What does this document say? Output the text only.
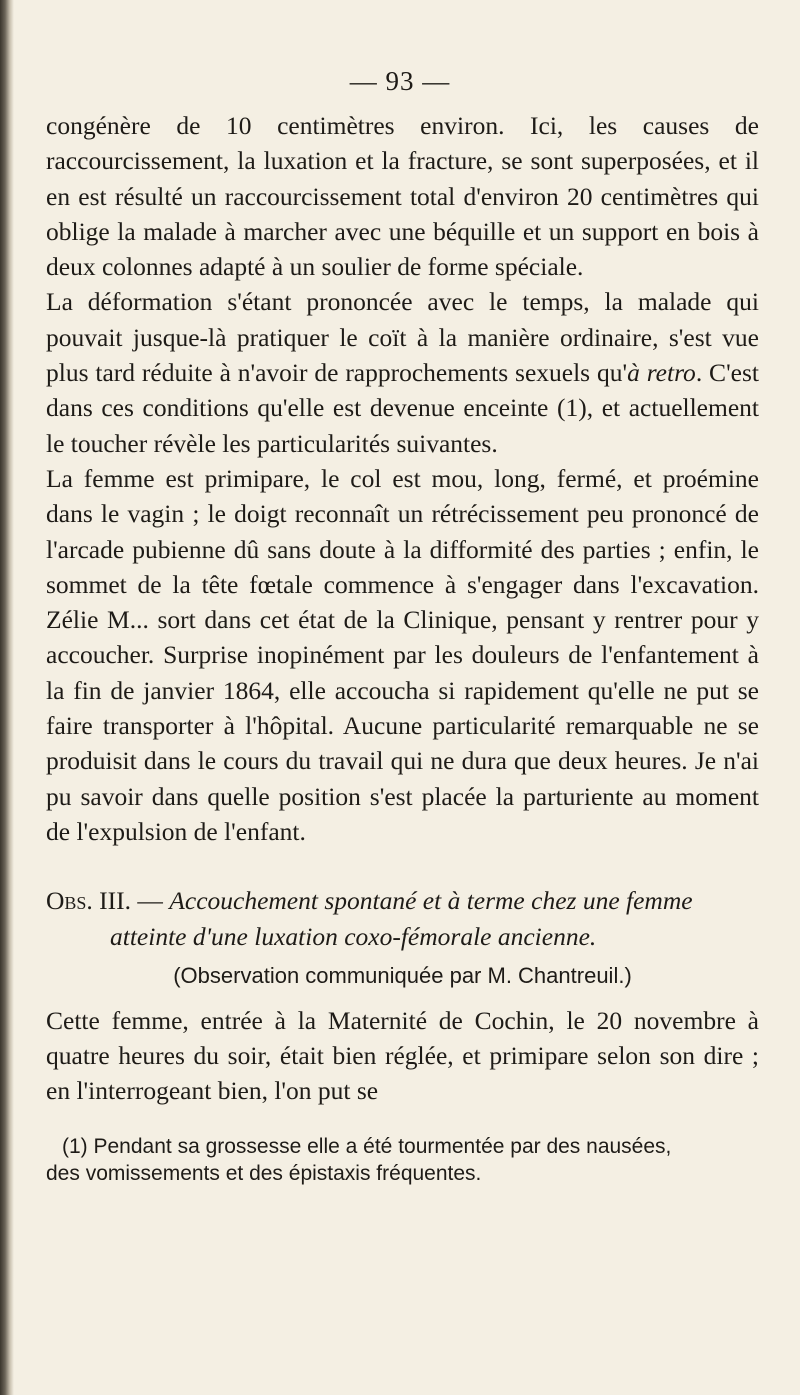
— 93 —

congénère de 10 centimètres environ. Ici, les causes de raccourcissement, la luxation et la fracture, se sont superposées, et il en est résulté un raccourcissement total d'environ 20 centimètres qui oblige la malade à marcher avec une béquille et un support en bois à deux colonnes adapté à un soulier de forme spéciale.

La déformation s'étant prononcée avec le temps, la malade qui pouvait jusque-là pratiquer le coït à la manière ordinaire, s'est vue plus tard réduite à n'avoir de rapprochements sexuels qu'à retro. C'est dans ces conditions qu'elle est devenue enceinte (1), et actuellement le toucher révèle les particularités suivantes.

La femme est primipare, le col est mou, long, fermé, et proémine dans le vagin ; le doigt reconnaît un rétrécissement peu prononcé de l'arcade pubienne dû sans doute à la difformité des parties ; enfin, le sommet de la tête fœtale commence à s'engager dans l'excavation. Zélie M... sort dans cet état de la Clinique, pensant y rentrer pour y accoucher. Surprise inopinément par les douleurs de l'enfantement à la fin de janvier 1864, elle accoucha si rapidement qu'elle ne put se faire transporter à l'hôpital. Aucune particularité remarquable ne se produisit dans le cours du travail qui ne dura que deux heures. Je n'ai pu savoir dans quelle position s'est placée la parturiente au moment de l'expulsion de l'enfant.

Obs. III. — Accouchement spontané et à terme chez une femme
atteinte d'une luxation coxo-fémorale ancienne.
(Observation communiquée par M. Chantreuil.)

Cette femme, entrée à la Maternité de Cochin, le 20 novembre à quatre heures du soir, était bien réglée, et primipare selon son dire ; en l'interrogeant bien, l'on put se

(1) Pendant sa grossesse elle a été tourmentée par des nausées,
des vomissements et des épistaxis fréquentes.
